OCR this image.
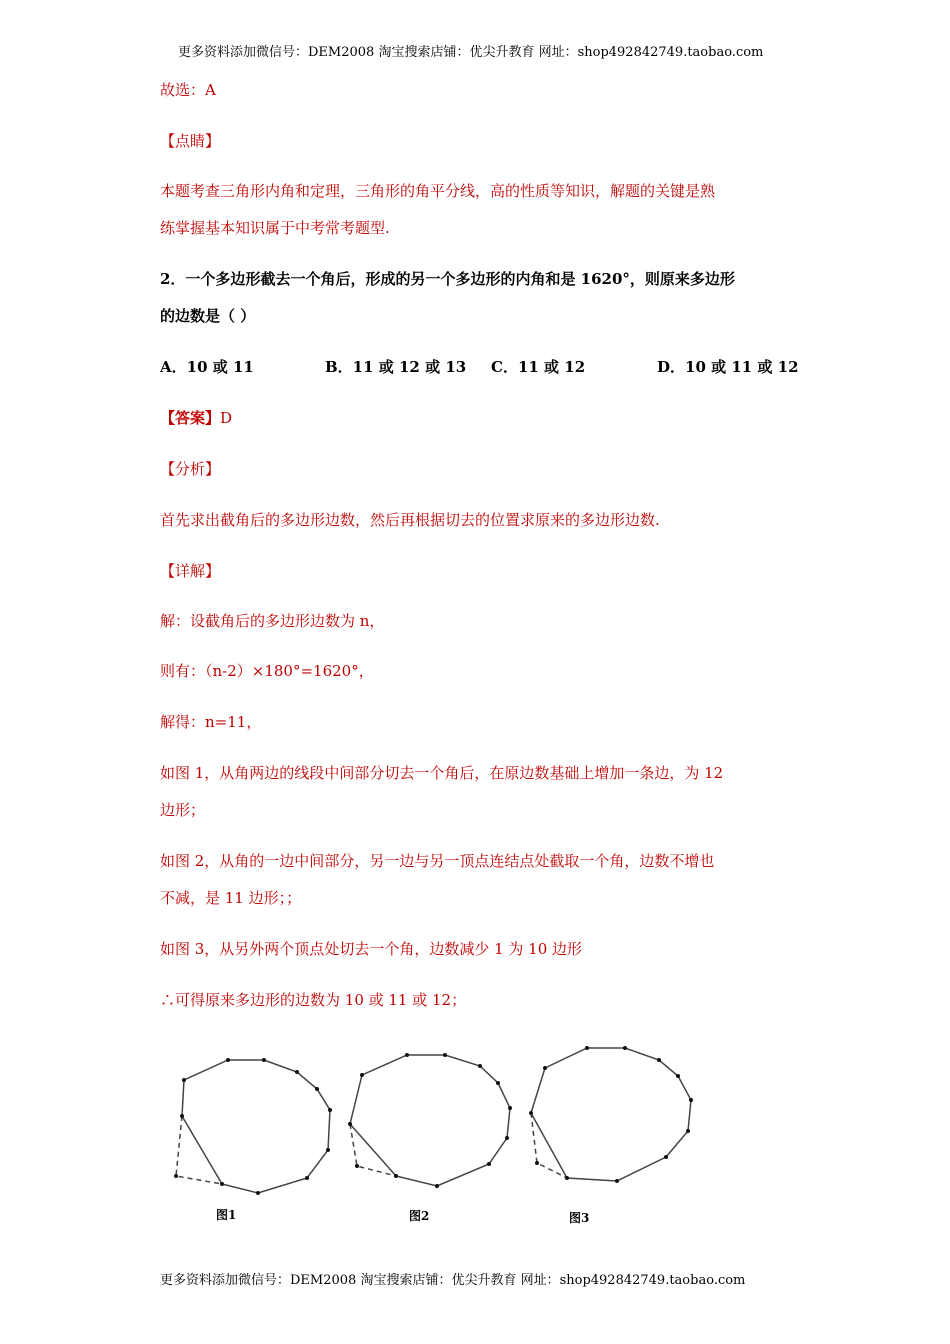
更多资料添加微信号：DEM2008 淘宝搜索店铺：优尖升教育 网址：shop492842749.taobao.com
故选：A
【点睛】
本题考查三角形内角和定理，三角形的角平分线，高的性质等知识，解题的关键是熟
练掌握基本知识属于中考常考题型.
2．一个多边形截去一个角后，形成的另一个多边形的内角和是 1620°，则原来多边形
的边数是（ ）
A．10 或 11	B．11 或 12 或 13 C．11 或 12	D．10 或 11 或 12
【答案】D
【分析】
首先求出截角后的多边形边数，然后再根据切去的位置求原来的多边形边数.
【详解】
解：设截角后的多边形边数为 n，
则有：（n-2）×180°=1620°，
解得：n=11，
如图 1，从角两边的线段中间部分切去一个角后，在原边数基础上增加一条边，为 12
边形；
如图 2，从角的一边中间部分，另一边与另一顶点连结点处截取一个角，边数不增也
不减，是 11 边形；；
如图 3，从另外两个顶点处切去一个角，边数减少 1 为 10 边形
∴可得原来多边形的边数为 10 或 11 或 12；
图1	图2	图3
更多资料添加微信号：DEM2008 淘宝搜索店铺：优尖升教育 网址：shop492842749.taobao.com
